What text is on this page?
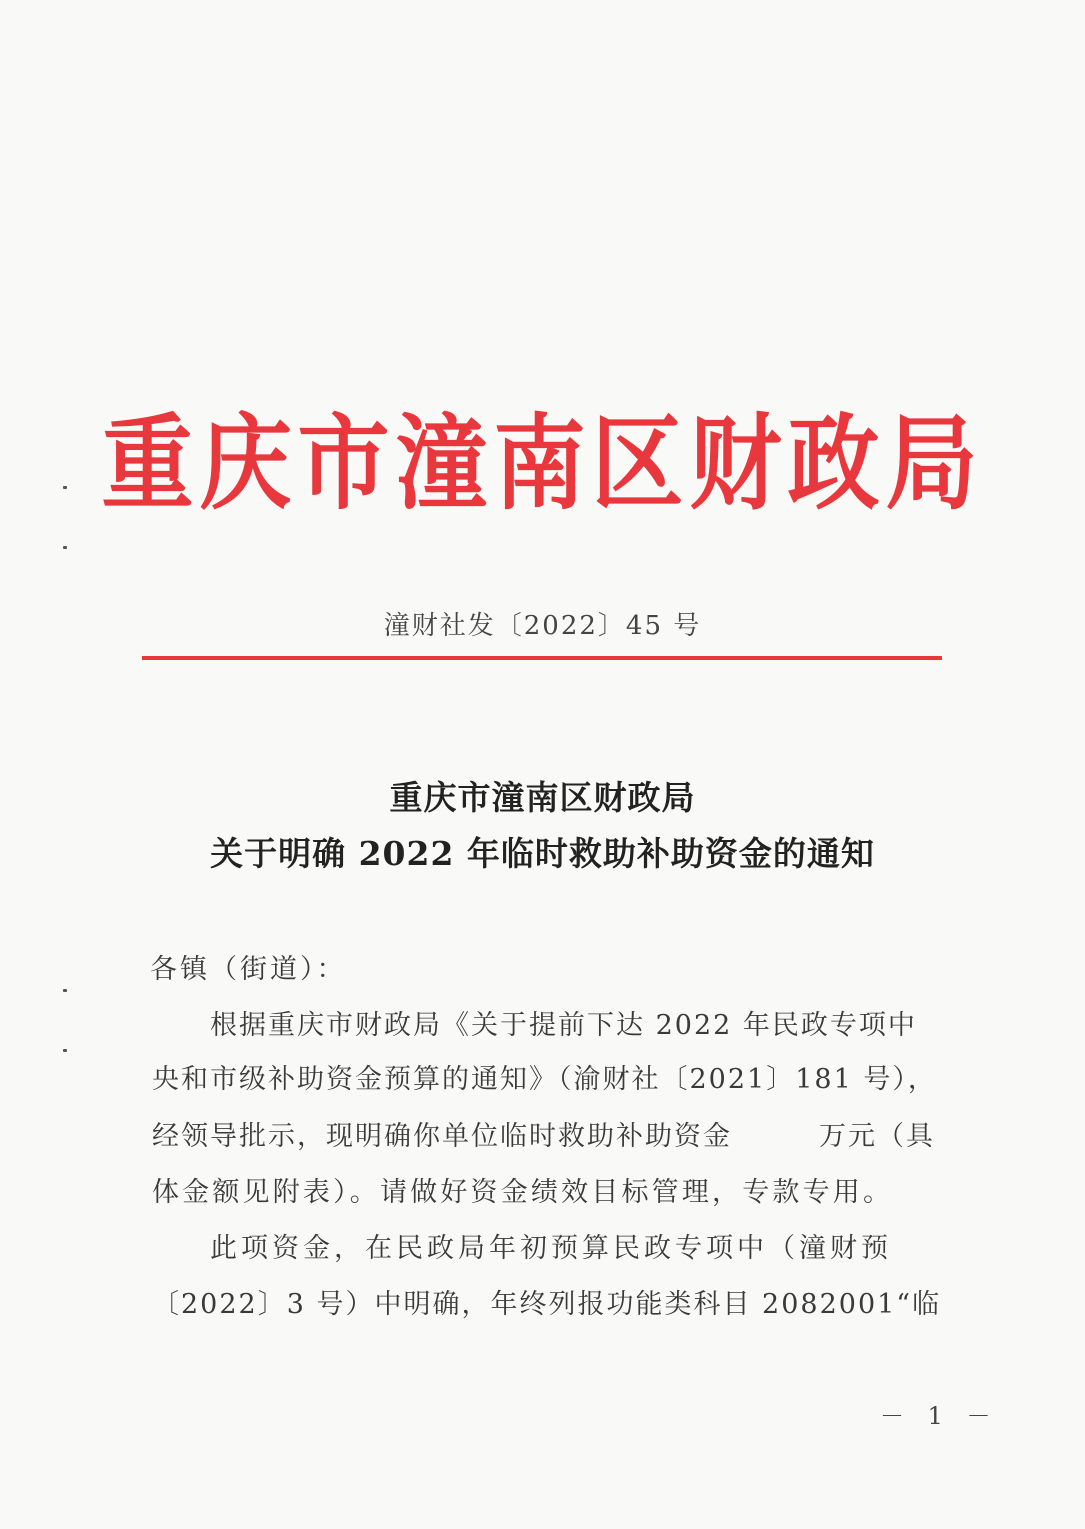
重庆市潼南区财政局
潼财社发〔2022〕45 号
重庆市潼南区财政局
关于明确 2022 年临时救助补助资金的通知
各镇（街道）：
根据重庆市财政局《关于提前下达 2022 年民政专项中
央和市级补助资金预算的通知》（渝财社〔2021〕181 号），
经领导批示，现明确你单位临时救助补助资金　　　万元（具
体金额见附表）。请做好资金绩效目标管理，专款专用。
此项资金，在民政局年初预算民政专项中（潼财预
〔2022〕3 号）中明确，年终列报功能类科目 2082001“临
－ 1 －
